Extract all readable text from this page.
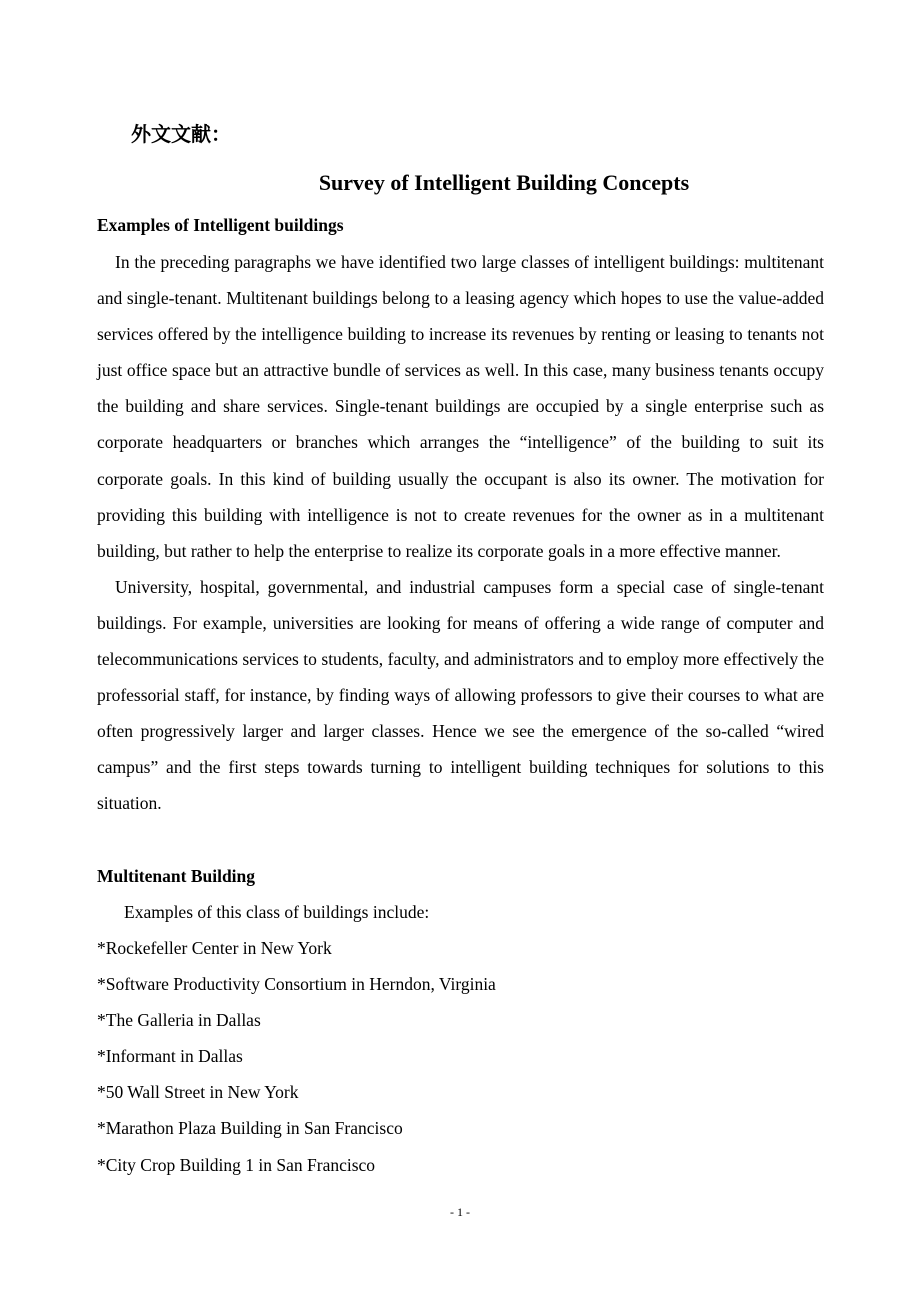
外文文献：
Survey of Intelligent Building Concepts
Examples of Intelligent buildings

In the preceding paragraphs we have identified two large classes of intelligent buildings: multitenant and single-tenant. Multitenant buildings belong to a leasing agency which hopes to use the value-added services offered by the intelligence building to increase its revenues by renting or leasing to tenants not just office space but an attractive bundle of services as well. In this case, many business tenants occupy the building and share services. Single-tenant buildings are occupied by a single enterprise such as corporate headquarters or branches which arranges the “intelligence” of the building to suit its corporate goals. In this kind of building usually the occupant is also its owner. The motivation for providing this building with intelligence is not to create revenues for the owner as in a multitenant building, but rather to help the enterprise to realize its corporate goals in a more effective manner.

University, hospital, governmental, and industrial campuses form a special case of single-tenant buildings. For example, universities are looking for means of offering a wide range of computer and telecommunications services to students, faculty, and administrators and to employ more effectively the professorial staff, for instance, by finding ways of allowing professors to give their courses to what are often progressively larger and larger classes. Hence we see the emergence of the so-called “wired campus” and the first steps towards turning to intelligent building techniques for solutions to this situation.

Multitenant Building

Examples of this class of buildings include:

*Rockefeller Center in New York
*Software Productivity Consortium in Herndon, Virginia
*The Galleria in Dallas
*Informant in Dallas
*50 Wall Street in New York
*Marathon Plaza Building in San Francisco
*City Crop Building 1 in San Francisco
- 1 -
